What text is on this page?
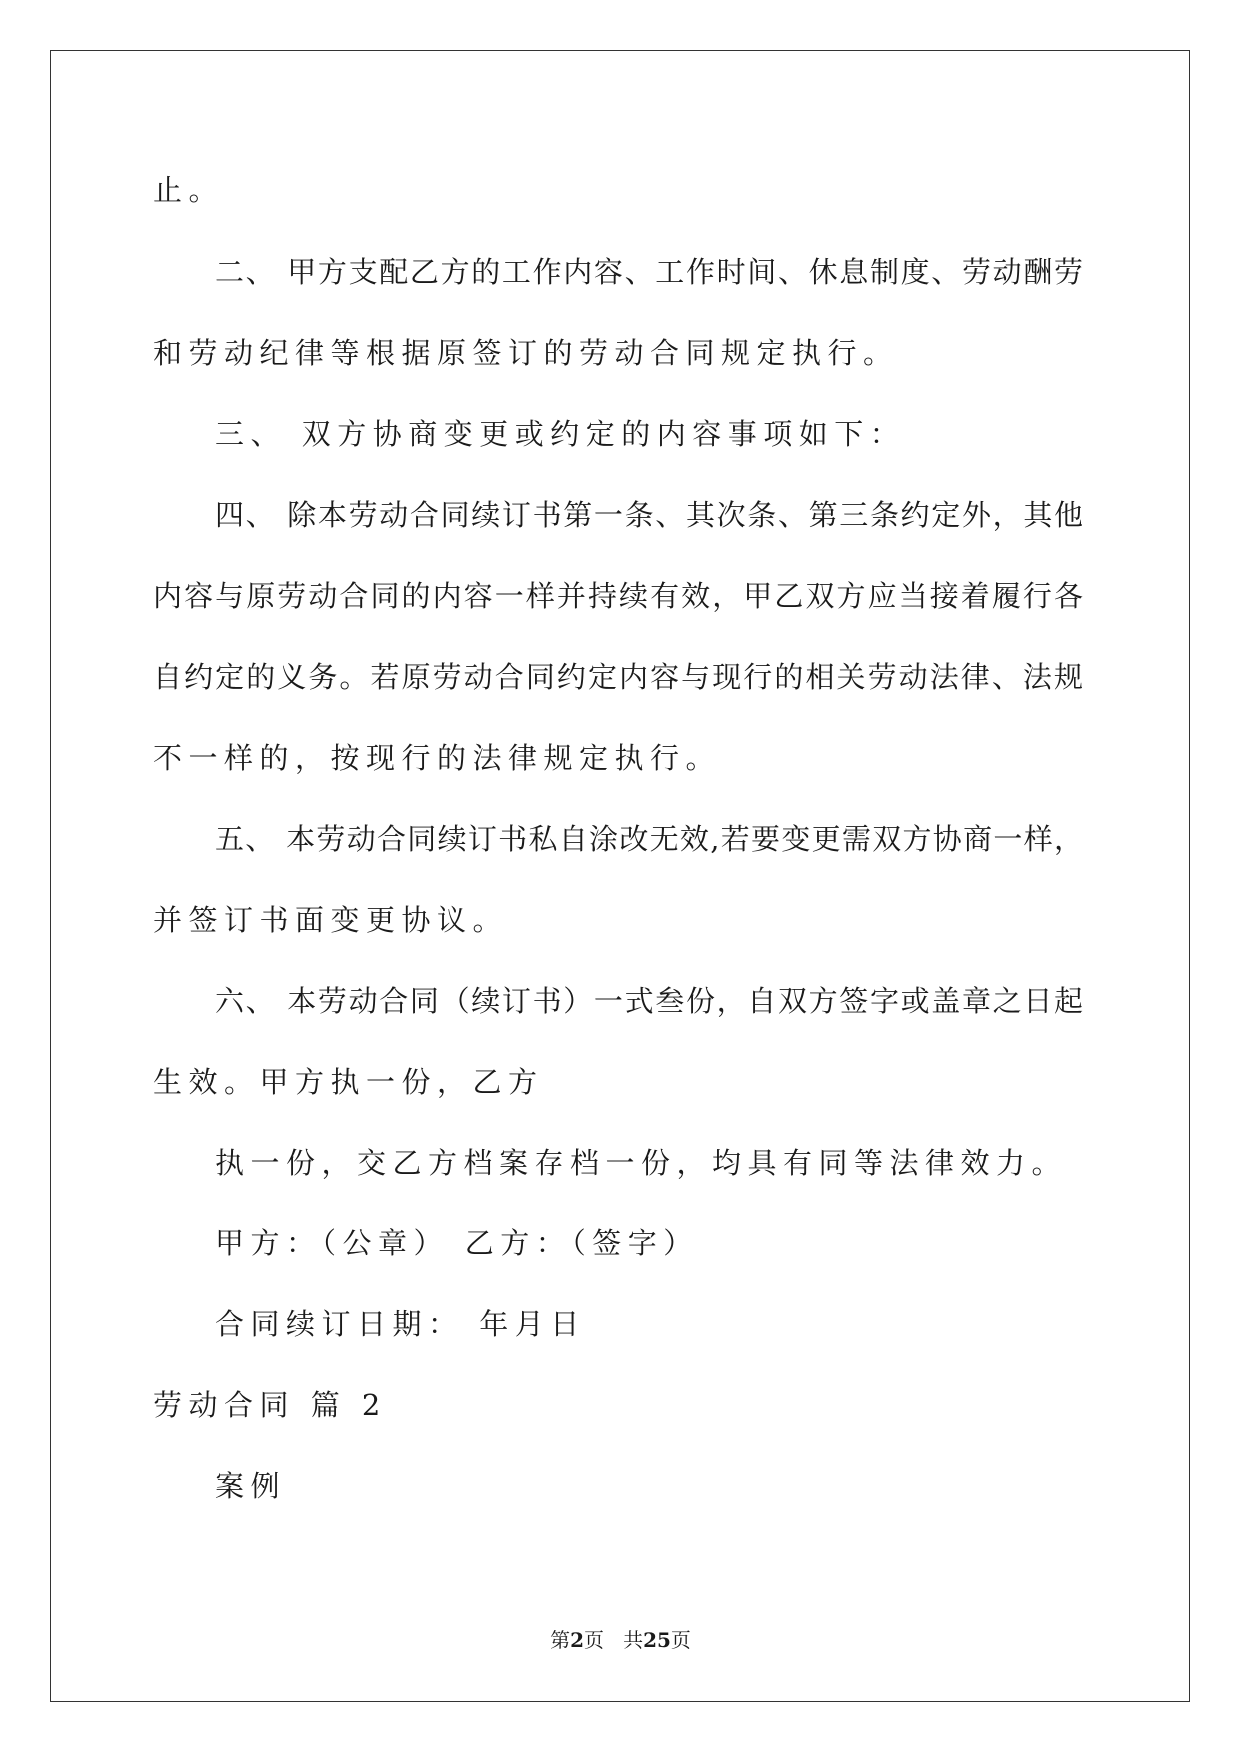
止。
二、 甲方支配乙方的工作内容、工作时间、休息制度、劳动酬劳
和劳动纪律等根据原签订的劳动合同规定执行。
三、 双方协商变更或约定的内容事项如下：
四、 除本劳动合同续订书第一条、其次条、第三条约定外，其他
内容与原劳动合同的内容一样并持续有效，甲乙双方应当接着履行各
自约定的义务。若原劳动合同约定内容与现行的相关劳动法律、法规
不一样的，按现行的法律规定执行。
五、 本劳动合同续订书私自涂改无效,若要变更需双方协商一样，
并签订书面变更协议。
六、 本劳动合同（续订书）一式叁份，自双方签字或盖章之日起
生效。甲方执一份，乙方
执一份，交乙方档案存档一份，均具有同等法律效力。
甲方：（公章） 乙方：（签字）
合同续订日期： 年月日
劳动合同 篇 2
案例
第2页   共25页
